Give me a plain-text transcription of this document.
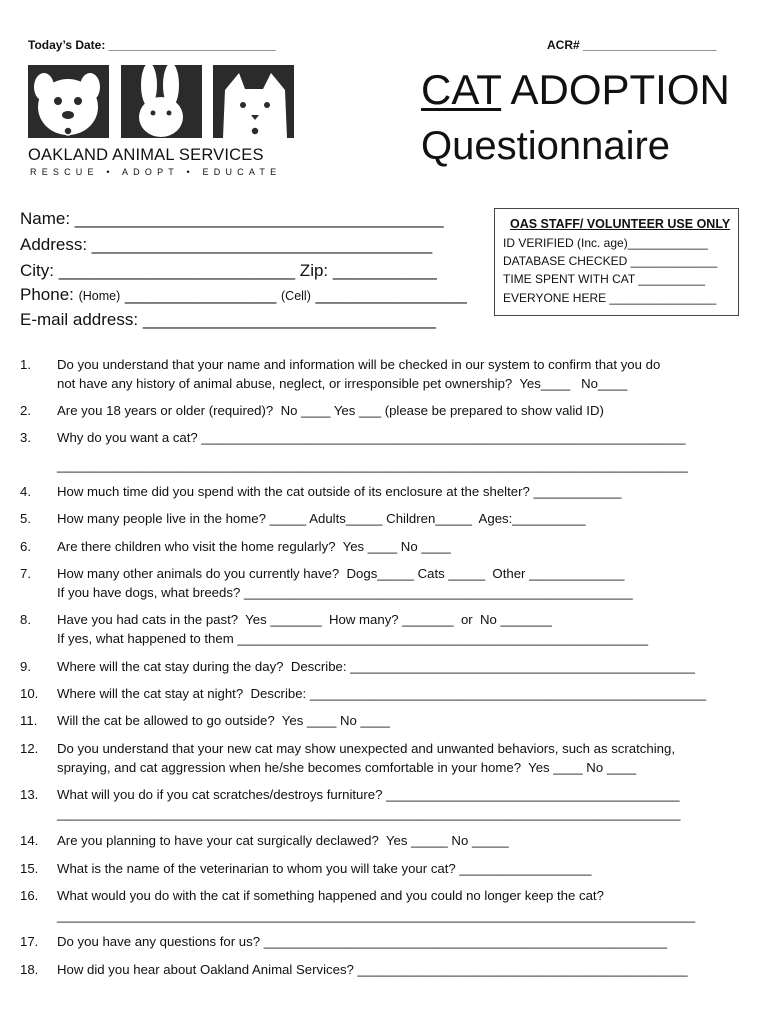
Today’s Date: _________________________	ACR# ____________________
OAKLAND ANIMAL SERVICES
RESCUE • ADOPT • EDUCATE
CAT ADOPTION
Questionnaire
Name: _______________________________________
Address: ____________________________________
City: _________________________ Zip: ___________
Phone: (Home) ________________ (Cell) ________________
E-mail address: _______________________________
OAS STAFF/ VOLUNTEER USE ONLY
ID VERIFIED (Inc. age)____________
DATABASE CHECKED _____________
TIME SPENT WITH CAT __________
EVERYONE HERE ________________
1. Do you understand that your name and information will be checked in our system to confirm that you do
not have any history of animal abuse, neglect, or irresponsible pet ownership?  Yes____   No____
2. Are you 18 years or older (required)?  No ____ Yes ___ (please be prepared to show valid ID)
3. Why do you want a cat? __________________________________________________________________
______________________________________________________________________________________
4. How much time did you spend with the cat outside of its enclosure at the shelter? ____________
5. How many people live in the home? _____ Adults_____ Children_____  Ages:__________
6. Are there children who visit the home regularly?  Yes ____ No ____
7. How many other animals do you currently have?  Dogs_____ Cats _____  Other _____________
If you have dogs, what breeds? _____________________________________________________
8. Have you had cats in the past?  Yes _______  How many? _______  or  No _______
If yes, what happened to them ________________________________________________________
9. Where will the cat stay during the day?  Describe: _______________________________________________
10. Where will the cat stay at night?  Describe: ______________________________________________________
11. Will the cat be allowed to go outside?  Yes ____ No ____
12. Do you understand that your new cat may show unexpected and unwanted behaviors, such as scratching,
spraying, and cat aggression when he/she becomes comfortable in your home?  Yes ____ No ____
13. What will you do if you cat scratches/destroys furniture? ________________________________________
_____________________________________________________________________________________
14. Are you planning to have your cat surgically declawed?  Yes _____ No _____
15. What is the name of the veterinarian to whom you will take your cat? __________________
16. What would you do with the cat if something happened and you could no longer keep the cat?
_______________________________________________________________________________________
17. Do you have any questions for us? _______________________________________________________
18. How did you hear about Oakland Animal Services? _____________________________________________
